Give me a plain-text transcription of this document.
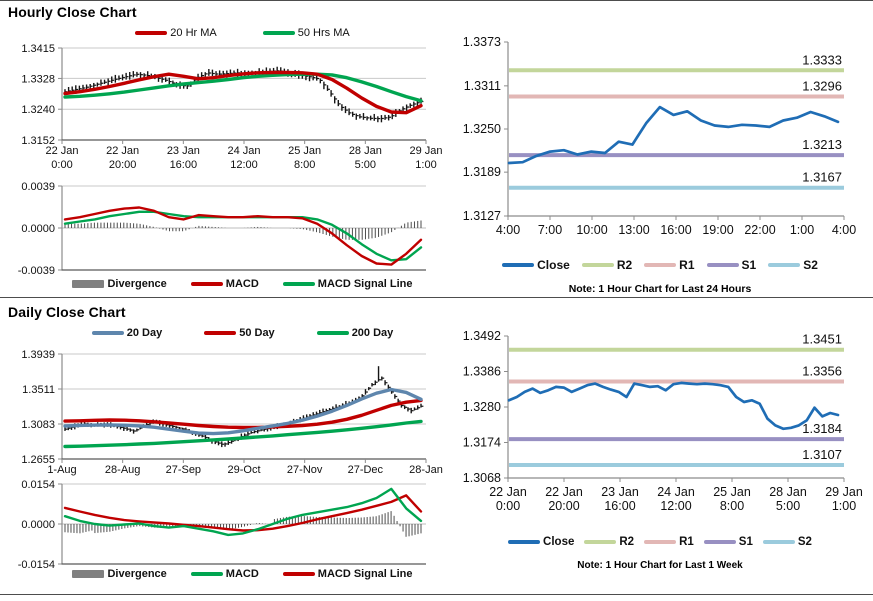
Hourly Close Chart
20 Hr MA	50 Hrs MA
1.3415
1.3328
1.3240
1.3152
22 Jan
0:00
22 Jan
20:00
23 Jan
16:00
24 Jan
12:00
25 Jan
8:00
28 Jan
5:00
29 Jan
1:00
0.0039
0.0000
-0.0039
Divergence	MACD	MACD Signal Line
1.3373
1.3311
1.3250
1.3189
1.3127
4:00 7:00 10:00 13:00 16:00 19:00 22:00 1:00 4:00
1.3333
1.3296
1.3213
1.3167
Close	R2	R1	S1	S2
Note: 1 Hour Chart for Last 24 Hours
Daily Close Chart
20 Day	50 Day	200 Day
1.3939
1.3511
1.3083
1.2655
1-Aug	28-Aug 27-Sep 29-Oct 27-Nov 27-Dec 28-Jan
0.0154
0.0000
-0.0154
Divergence	MACD	MACD Signal Line
1.3492
1.3386
1.3280
1.3174
1.3068
22 Jan
0:00
22 Jan
20:00
23 Jan
16:00
24 Jan
12:00
25 Jan
8:00
28 Jan
5:00
29 Jan
1:00
1.3451
1.3356
1.3184
1.3107
Close	R2	R1	S1	S2
Note: 1 Hour Chart for Last 1 Week
